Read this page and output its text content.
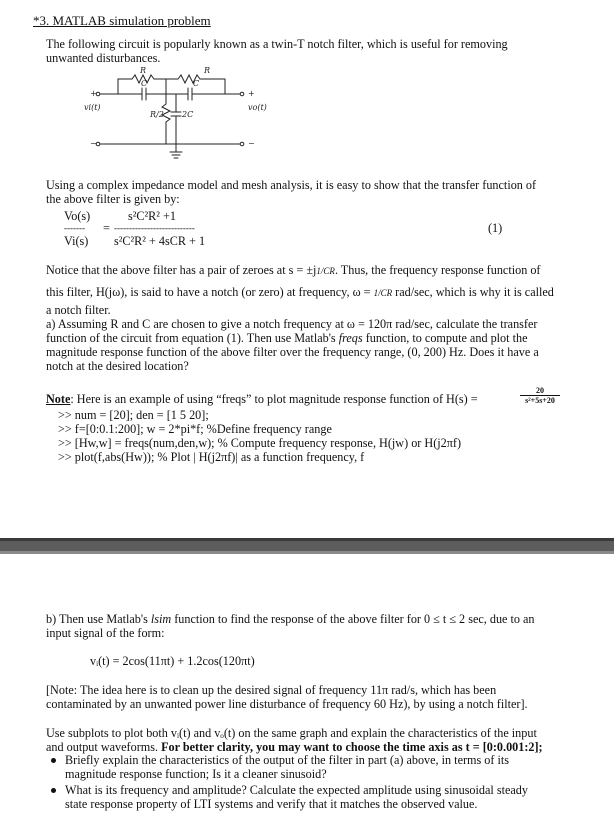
*3. MATLAB simulation problem
The following circuit is popularly known as a twin-T notch filter, which is useful for removing
unwanted disturbances.
R	R
C	C
R/2 2C
vi(t)	vo(t)
+
−
+
−
Using a complex impedance model and mesh analysis, it is easy to show that the transfer function of
the above filter is given by:
Vo(s)
-------
Vi(s)
=
s²C²R² +1
---------------------------
s²C²R² + 4sCR + 1
(1)
Notice that the above filter has a pair of zeroes at s = ±j1/CR. Thus, the frequency response function of
this filter, H(jω), is said to have a notch (or zero) at frequency, ω = 1/CR rad/sec, which is why it is called
a notch filter.
a) Assuming R and C are chosen to give a notch frequency at ω = 120π rad/sec, calculate the transfer
function of the circuit from equation (1). Then use Matlab's freqs function, to compute and plot the
magnitude response function of the above filter over the frequency range, (0, 200) Hz. Does it have a
notch at the desired location?
Note: Here is an example of using “freqs” to plot magnitude response function of H(s) =
20
s²+5s+20
>> num = [20]; den = [1 5 20];
>> f=[0:0.1:200]; w = 2*pi*f; %Define frequency range
>> [Hw,w] = freqs(num,den,w); % Compute frequency response, H(jw) or H(j2πf)
>> plot(f,abs(Hw)); % Plot | H(j2πf)| as a function frequency, f
b) Then use Matlab's lsim function to find the response of the above filter for 0 ≤ t ≤ 2 sec, due to an
input signal of the form:
vᵢ(t) = 2cos(11πt) + 1.2cos(120πt)
[Note: The idea here is to clean up the desired signal of frequency 11π rad/s, which has been
contaminated by an unwanted power line disturbance of frequency 60 Hz), by using a notch filter].
Use subplots to plot both vᵢ(t) and vₒ(t) on the same graph and explain the characteristics of the input
and output waveforms. For better clarity, you may want to choose the time axis as t = [0:0.001:2];
Briefly explain the characteristics of the output of the filter in part (a) above, in terms of its
magnitude response function; Is it a cleaner sinusoid?
What is its frequency and amplitude? Calculate the expected amplitude using sinusoidal steady
state response property of LTI systems and verify that it matches the observed value.
